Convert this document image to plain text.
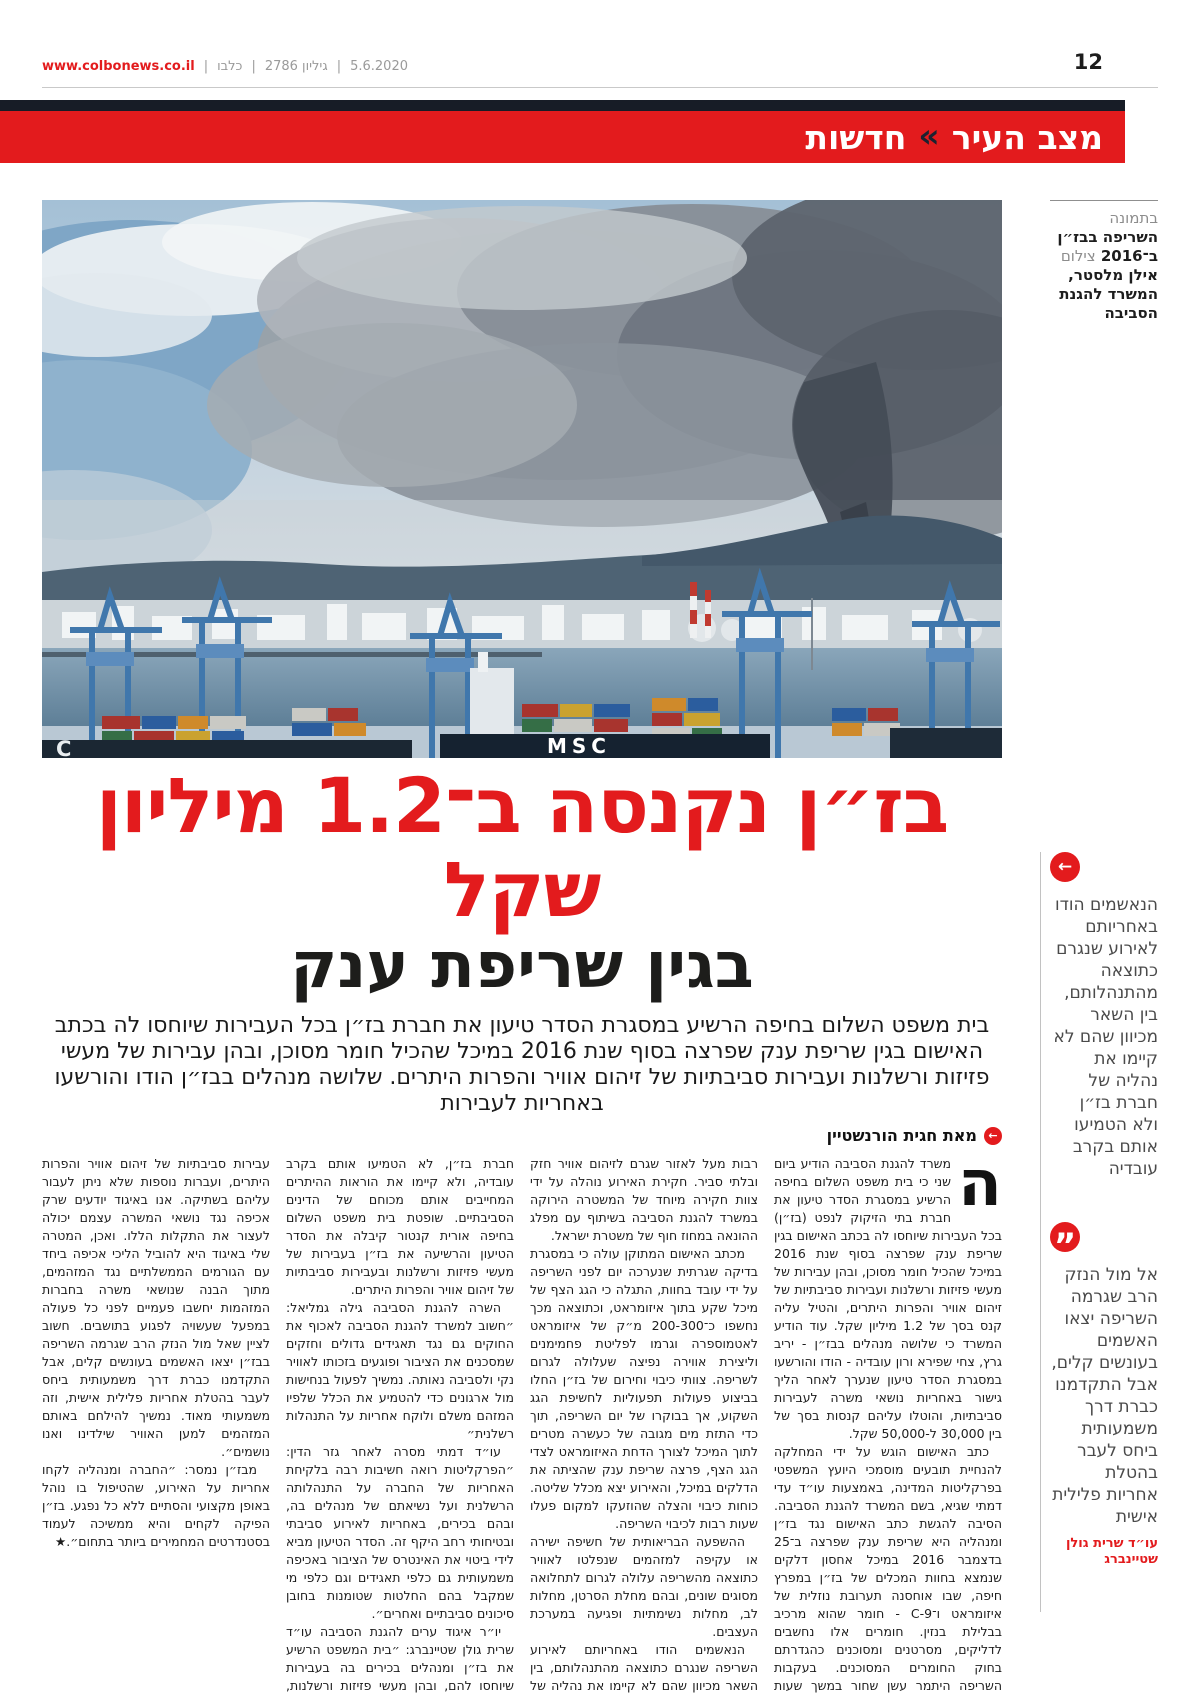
www.colbonews.co.il | כלבו | גיליון 2786 | 5.6.2020	12
מצב העיר
«
חדשות
MSC
C
בתמונה השריפה בבז״ן ב־2016 צילום אילן מלסטר, המשרד להגנת הסביבה
←
הנאשמים הודו באחריותם לאירוע שנגרם כתוצאה מהתנהלותם, בין השאר מכיוון שהם לא קיימו את נהליה של חברת בז״ן ולא הטמיעו אותם בקרב עובדיה
”
אל מול הנזק הרב שגרמה השריפה יצאו האשמים בעונשים קלים, אבל התקדמנו כברת דרך משמעותית ביחס לעבר בהטלת אחריות פלילית אישית
עו״ד שרית גולן שטיינברג
בז״ן נקנסה ב־1.2 מיליון שקל
בגין שריפת ענק
בית משפט השלום בחיפה הרשיע במסגרת הסדר טיעון את חברת בז״ן בכל העבירות שיוחסו לה בכתב האישום בגין שריפת ענק שפרצה בסוף שנת 2016 במיכל שהכיל חומר מסוכן, ובהן עבירות של מעשי פזיזות ורשלנות ועבירות סביבתיות של זיהום אוויר והפרות היתרים. שלושה מנהלים בבז״ן הודו והורשעו באחריות לעבירות
←
מאת חגית הורנשטיין

ה
משרד להגנת הסביבה הודיע ביום שני כי בית משפט השלום בחיפה הרשיע במסגרת הסדר טיעון את חברת בתי הזיקוק לנפט (בז״ן) בכל העבירות שיוחסו לה בכתב האישום בגין שריפת ענק שפרצה בסוף שנת 2016 במיכל שהכיל חומר מסוכן, ובהן עבירות של מעשי פזיזות ורשלנות ועבירות סביבתיות של זיהום אוויר והפרות היתרים, והטיל עליה קנס בסך של 1.2 מיליון שקל. עוד הודיע המשרד כי שלושה מנהלים בבז״ן - יריב גרץ, צחי שפירא ורון עובדיה - הודו והורשעו במסגרת הסדר טיעון שנערך לאחר הליך גישור באחריות נושאי משרה לעבירות סביבתיות, והוטלו עליהם קנסות בסך של בין 30,000 ל-50,000 שקל.

כתב האישום הוגש על ידי המחלקה להנחיית תובעים מוסמכי היועץ המשפטי בפרקליטות המדינה, באמצעות עו״ד עדי דמתי שגיא, בשם המשרד להגנת הסביבה. הסיבה להגשת כתב האישום נגד בז״ן ומנהליה היא שריפת ענק שפרצה ב־25 בדצמבר 2016 במיכל אחסון דלקים שנמצא בחוות המכלים של בז״ן במפרץ חיפה, שבו אוחסנה תערובת נוזלית של איזומראט ו־C-9 - חומר שהוא מרכיב בבלילת בנזין. חומרים אלו נחשבים לדליקים, מסרטנים ומסוכנים כהגדרתם בחוק החומרים המסוכנים. בעקבות השריפה היתמר עשן שחור במשך שעות רבות מעל לאזור שגרם לזיהום אוויר חזק ובלתי סביר. חקירת האירוע נוהלה על ידי צוות חקירה מיוחד של המשטרה הירוקה במשרד להגנת הסביבה בשיתוף עם מפלג ההונאה במחוז חוף של משטרת ישראל.

מכתב האישום המתוקן עולה כי במסגרת בדיקה שגרתית שנערכה יום לפני השריפה על ידי עובד בחוות, התגלה כי הגג הצף של מיכל שקע בתוך איזומראט, וכתוצאה מכך נחשפו כ־200-300 מ״ק של איזומראט לאטמוספרה וגרמו לפליטת פחמימנים וליצירת אווירה נפיצה שעלולה לגרום לשריפה. צוותי כיבוי וחירום של בז״ן החלו בביצוע פעולות תפעוליות לחשיפת הגג השקוע, אך בבוקרו של יום השריפה, תוך כדי התזת מים מגובה של כעשרה מטרים לתוך המיכל לצורך הדחת האיזומראט לצדי הגג הצף, פרצה שריפת ענק שהציתה את הדלקים במיכל, והאירוע יצא מכלל שליטה. כוחות כיבוי והצלה שהוזעקו למקום פעלו שעות רבות לכיבוי השריפה.

ההשפעה הבריאותית של חשיפה ישירה או עקיפה למזהמים שנפלטו לאוויר כתוצאה מהשריפה עלולה לגרום לתחלואה מסוגים שונים, ובהם מחלת הסרטן, מחלות לב, מחלות נשימתיות ופגיעה במערכת העצבים.

הנאשמים הודו באחריותם לאירוע השריפה שנגרם כתוצאה מהתנהלותם, בין השאר מכיוון שהם לא קיימו את נהליה של חברת בז״ן, לא הטמיעו אותם בקרב עובדיה, ולא קיימו את הוראות ההיתרים המחייבים אותם מכוחם של הדינים הסביבתיים. שופטת בית משפט השלום בחיפה אורית קנטור קיבלה את הסדר הטיעון והרשיעה את בז״ן בעבירות של מעשי פזיזות ורשלנות ובעבירות סביבתיות של זיהום אוויר והפרות היתרים.

השרה להגנת הסביבה גילה גמליאל: ״חשוב למשרד להגנת הסביבה לאכוף את החוקים גם נגד תאגידים גדולים וחזקים שמסכנים את הציבור ופוגעים בזכותו לאוויר נקי ולסביבה נאותה. נמשיך לפעול בנחישות מול ארגונים כדי להטמיע את הכלל שלפיו המזהם משלם ולוקח אחריות על התנהלות רשלנית״

עו״ד דמתי מסרה לאחר גזר הדין: ״הפרקליטות רואה חשיבות רבה בלקיחת האחריות של החברה על התנהלותה הרשלנית ועל נשיאתם של מנהלים בה, ובהם בכירים, באחריות לאירוע סביבתי ובטיחותי רחב היקף זה. הסדר הטיעון מביא לידי ביטוי את האינטרס של הציבור באכיפה משמעותית גם כלפי תאגידים וגם כלפי מי שמקבל בהם החלטות שטומנות בחובן סיכונים סביבתיים ואחרים״.

יו״ר איגוד ערים להגנת הסביבה עו״ד שרית גולן שטיינברג: ״בית המשפט הרשיע את בז״ן ומנהלים בכירים בה בעבירות שיוחסו להם, ובהן מעשי פזיזות ורשלנות, עבירות סביבתיות של זיהום אוויר והפרות היתרים, ועברות נוספות שלא ניתן לעבור עליהם בשתיקה. אנו באיגוד יודעים שרק אכיפה נגד נושאי המשרה עצמם יכולה לעצור את התקלות הללו. ואכן, המטרה שלי באיגוד היא להוביל הליכי אכיפה ביחד עם הגורמים הממשלתיים נגד המזהמים, מתוך הבנה שנושאי משרה בחברות המזהמות יחשבו פעמיים לפני כל פעולה במפעל שעשויה לפגוע בתושבים. חשוב לציין שאל מול הנזק הרב שגרמה השריפה בבז״ן יצאו האשמים בעונשים קלים, אבל התקדמנו כברת דרך משמעותית ביחס לעבר בהטלת אחריות פלילית אישית, וזה משמעותי מאוד. נמשיך להילחם באותם המזהמים למען האוויר שילדינו ואנו נושמים״.

מבז״ן נמסר: ״החברה ומנהליה לקחו אחריות על האירוע, שהטיפול בו נוהל באופן מקצועי והסתיים ללא כל נפגע. בז״ן הפיקה לקחים והיא ממשיכה לעמוד בסטנדרטים המחמירים ביותר בתחום״.★
